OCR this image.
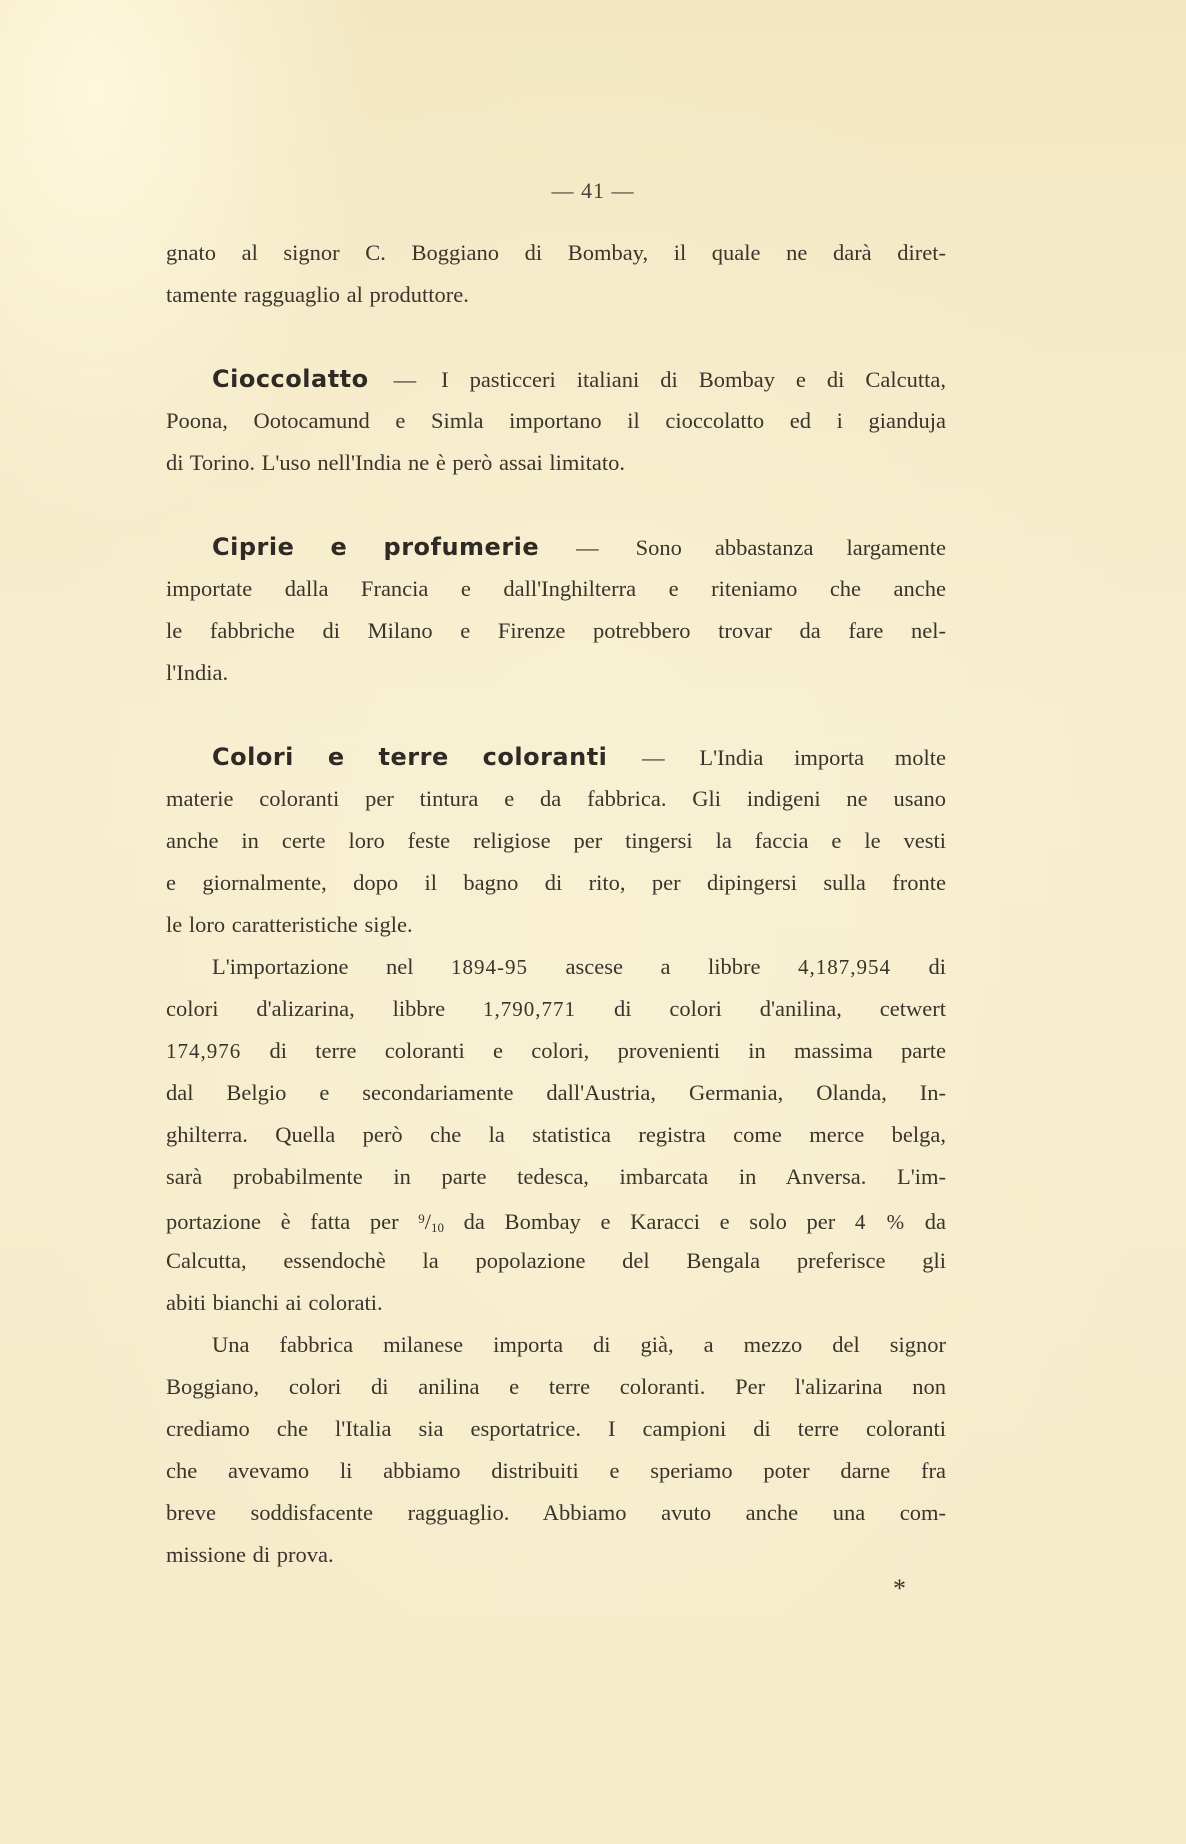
— 41 —
gnato al signor C. Boggiano di Bombay, il quale ne darà diret-
tamente ragguaglio al produttore.
Cioccolatto — I pasticceri italiani di Bombay e di Calcutta,
Poona, Ootocamund e Simla importano il cioccolatto ed i gianduja
di Torino. L'uso nell'India ne è però assai limitato.
Ciprie e profumerie — Sono abbastanza largamente
importate dalla Francia e dall'Inghilterra e riteniamo che anche
le fabbriche di Milano e Firenze potrebbero trovar da fare nel-
l'India.
Colori e terre coloranti — L'India importa molte
materie coloranti per tintura e da fabbrica. Gli indigeni ne usano
anche in certe loro feste religiose per tingersi la faccia e le vesti
e giornalmente, dopo il bagno di rito, per dipingersi sulla fronte
le loro caratteristiche sigle.
L'importazione nel 1894-95 ascese a libbre 4,187,954 di
colori d'alizarina, libbre 1,790,771 di colori d'anilina, cetwert
174,976 di terre coloranti e colori, provenienti in massima parte
dal Belgio e secondariamente dall'Austria, Germania, Olanda, In-
ghilterra. Quella però che la statistica registra come merce belga,
sarà probabilmente in parte tedesca, imbarcata in Anversa. L'im-
portazione è fatta per $^9/_{10}$ da Bombay e Karacci e solo per 4 % da
Calcutta, essendochè la popolazione del Bengala preferisce gli
abiti bianchi ai colorati.
Una fabbrica milanese importa di già, a mezzo del signor
Boggiano, colori di anilina e terre coloranti. Per l'alizarina non
crediamo che l'Italia sia esportatrice. I campioni di terre coloranti
che avevamo li abbiamo distribuiti e speriamo poter darne fra
breve soddisfacente ragguaglio. Abbiamo avuto anche una com-
missione di prova.
*
